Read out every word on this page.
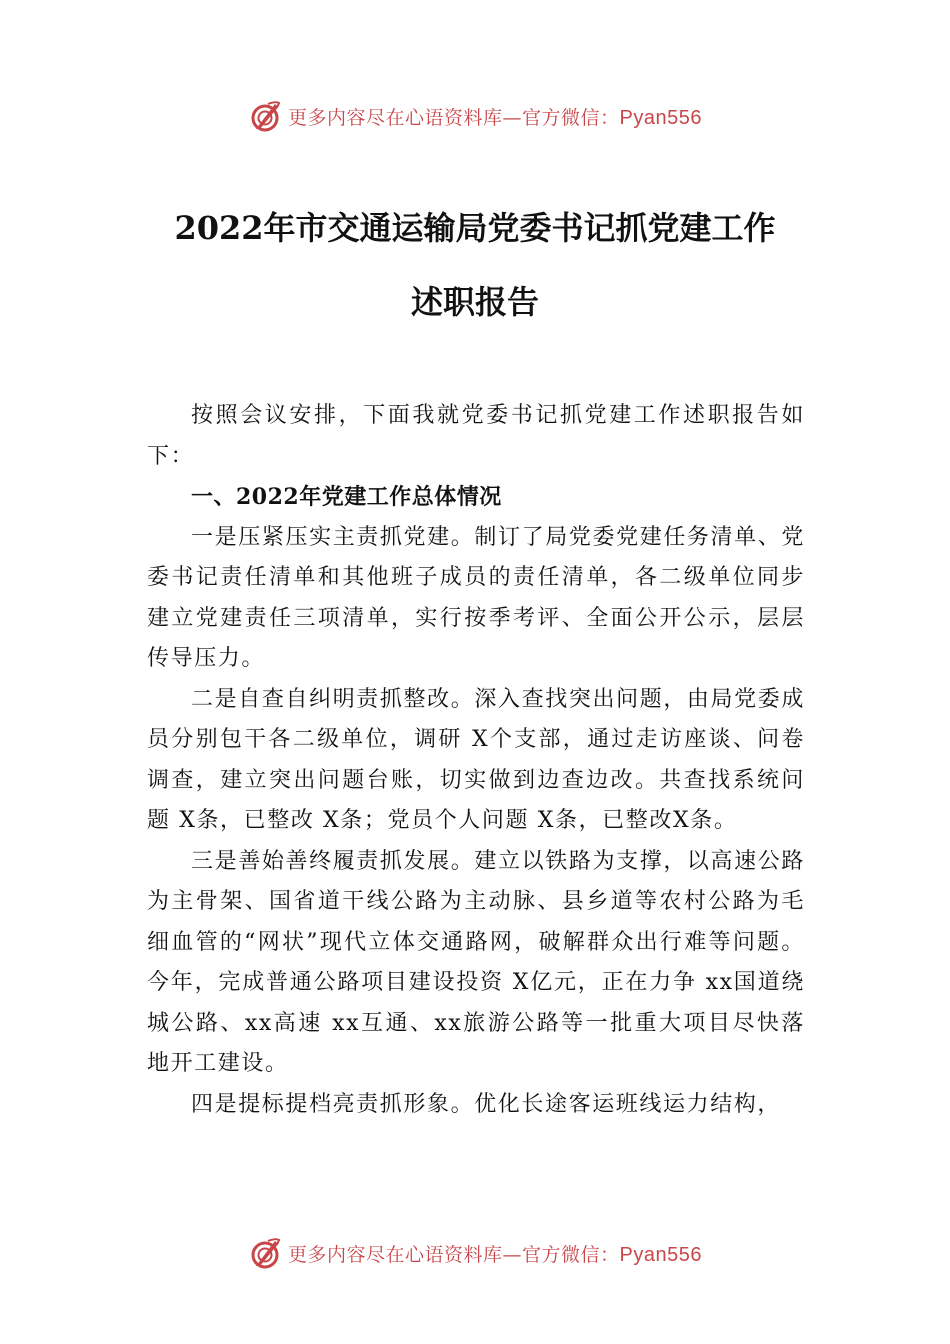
更多内容尽在心语资料库—官方微信：Pyan556
2022年市交通运输局党委书记抓党建工作
述职报告

按照会议安排，下面我就党委书记抓党建工作述职报告如下：

一、2022年党建工作总体情况

一是压紧压实主责抓党建。制订了局党委党建任务清单、党委书记责任清单和其他班子成员的责任清单，各二级单位同步建立党建责任三项清单，实行按季考评、全面公开公示，层层传导压力。

二是自查自纠明责抓整改。深入查找突出问题，由局党委成员分别包干各二级单位，调研 X个支部，通过走访座谈、问卷调查，建立突出问题台账，切实做到边查边改。共查找系统问题 X条，已整改 X条；党员个人问题 X条，已整改X条。

三是善始善终履责抓发展。建立以铁路为支撑，以高速公路为主骨架、国省道干线公路为主动脉、县乡道等农村公路为毛细血管的“网状”现代立体交通路网，破解群众出行难等问题。今年，完成普通公路项目建设投资 X亿元，正在力争 xx国道绕城公路、xx高速 xx互通、xx旅游公路等一批重大项目尽快落地开工建设。

四是提标提档亮责抓形象。优化长途客运班线运力结构，

更多内容尽在心语资料库—官方微信：Pyan556
